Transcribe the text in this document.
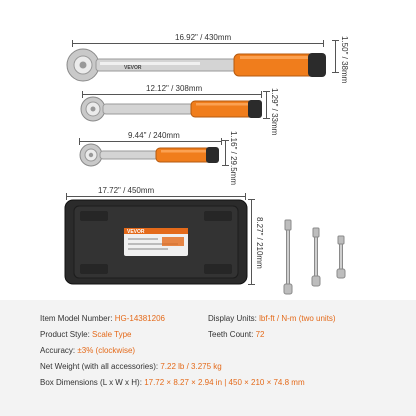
16.92" / 430mm	1.50" / 38mm
VEVOR
12.12" / 308mm	1.29" / 33mm
9.44" / 240mm	1.16" / 29.5mm
17.72" / 450mm
8.27" / 210mm
VEVOR
Item Model Number: HG-14381206	Display Units: lbf-ft / N-m (two units)
Product Style: Scale Type	Teeth Count: 72
Accuracy: ±3% (clockwise)
Net Weight (with all accessories): 7.22 lb / 3.275 kg
Box Dimensions (L x W x H): 17.72 × 8.27 × 2.94 in | 450 × 210 × 74.8 mm
